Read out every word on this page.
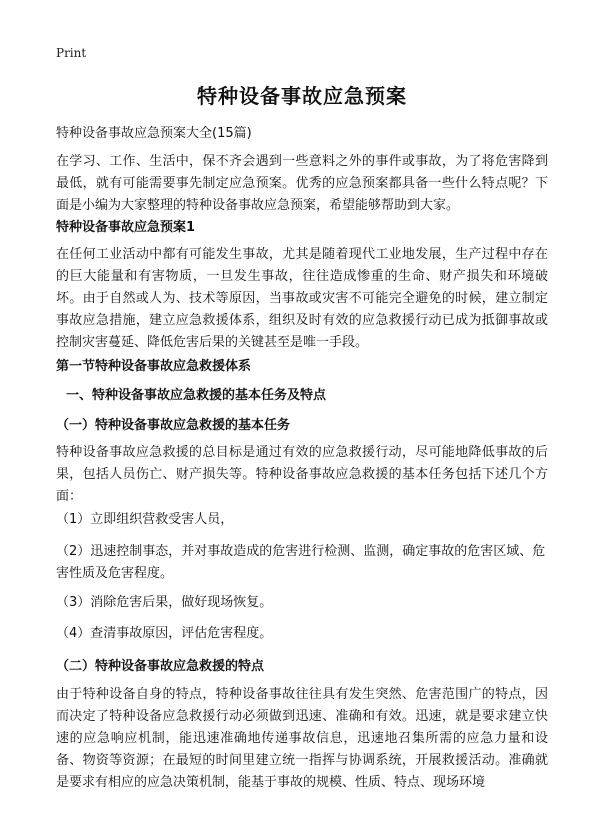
Print
特种设备事故应急预案
特种设备事故应急预案大全(15篇)
在学习、工作、生活中，保不齐会遇到一些意料之外的事件或事故，为了将危害降到最低，就有可能需要事先制定应急预案。优秀的应急预案都具备一些什么特点呢？下面是小编为大家整理的特种设备事故应急预案，希望能够帮助到大家。
特种设备事故应急预案1
在任何工业活动中都有可能发生事故，尤其是随着现代工业地发展，生产过程中存在的巨大能量和有害物质，一旦发生事故，往往造成惨重的生命、财产损失和环境破坏。由于自然或人为、技术等原因，当事故或灾害不可能完全避免的时候，建立制定事故应急措施，建立应急救援体系，组织及时有效的应急救援行动已成为抵御事故或控制灾害蔓延、降低危害后果的关键甚至是唯一手段。
第一节特种设备事故应急救援体系
一、特种设备事故应急救援的基本任务及特点
（一）特种设备事故应急救援的基本任务
特种设备事故应急救援的总目标是通过有效的应急救援行动，尽可能地降低事故的后果，包括人员伤亡、财产损失等。特种设备事故应急救援的基本任务包括下述几个方面：
（1）立即组织营救受害人员，
（2）迅速控制事态，并对事故造成的危害进行检测、监测，确定事故的危害区域、危害性质及危害程度。
（3）消除危害后果，做好现场恢复。
（4）查清事故原因，评估危害程度。
（二）特种设备事故应急救援的特点
由于特种设备自身的特点，特种设备事故往往具有发生突然、危害范围广的特点，因而决定了特种设备应急救援行动必须做到迅速、准确和有效。迅速，就是要求建立快速的应急响应机制，能迅速准确地传递事故信息，迅速地召集所需的应急力量和设备、物资等资源；在最短的时间里建立统一指挥与协调系统，开展救援活动。准确就是要求有相应的应急决策机制，能基于事故的规模、性质、特点、现场环境
